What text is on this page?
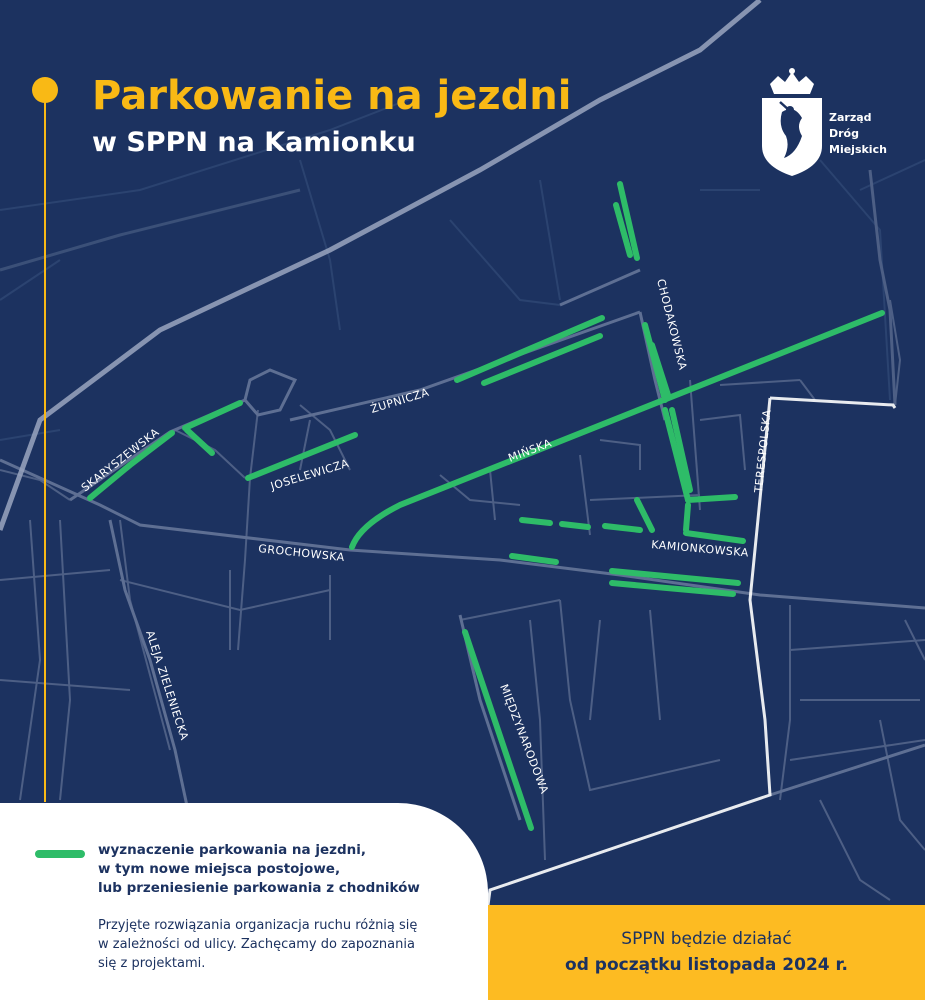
SKARYSZEWSKA
ŻUPNICZA
JOSELEWICZA
MIŃSKA
CHODAKOWSKA
TERESPOLSKA
KAMIONKOWSKA
GROCHOWSKA
ALEJA ZIELENIECKA	MIĘDZYNARODOWA
Parkowanie na jezdni
w SPPN na Kamionku
Zarząd
Dróg
Miejskich
wyznaczenie parkowania na jezdni,
w tym nowe miejsca postojowe,
lub przeniesienie parkowania z chodników
Przyjęte rozwiązania organizacja ruchu różnią się
w zależności od ulicy. Zachęcamy do zapoznania
się z projektami.
SPPN będzie działać
od początku listopada 2024 r.
